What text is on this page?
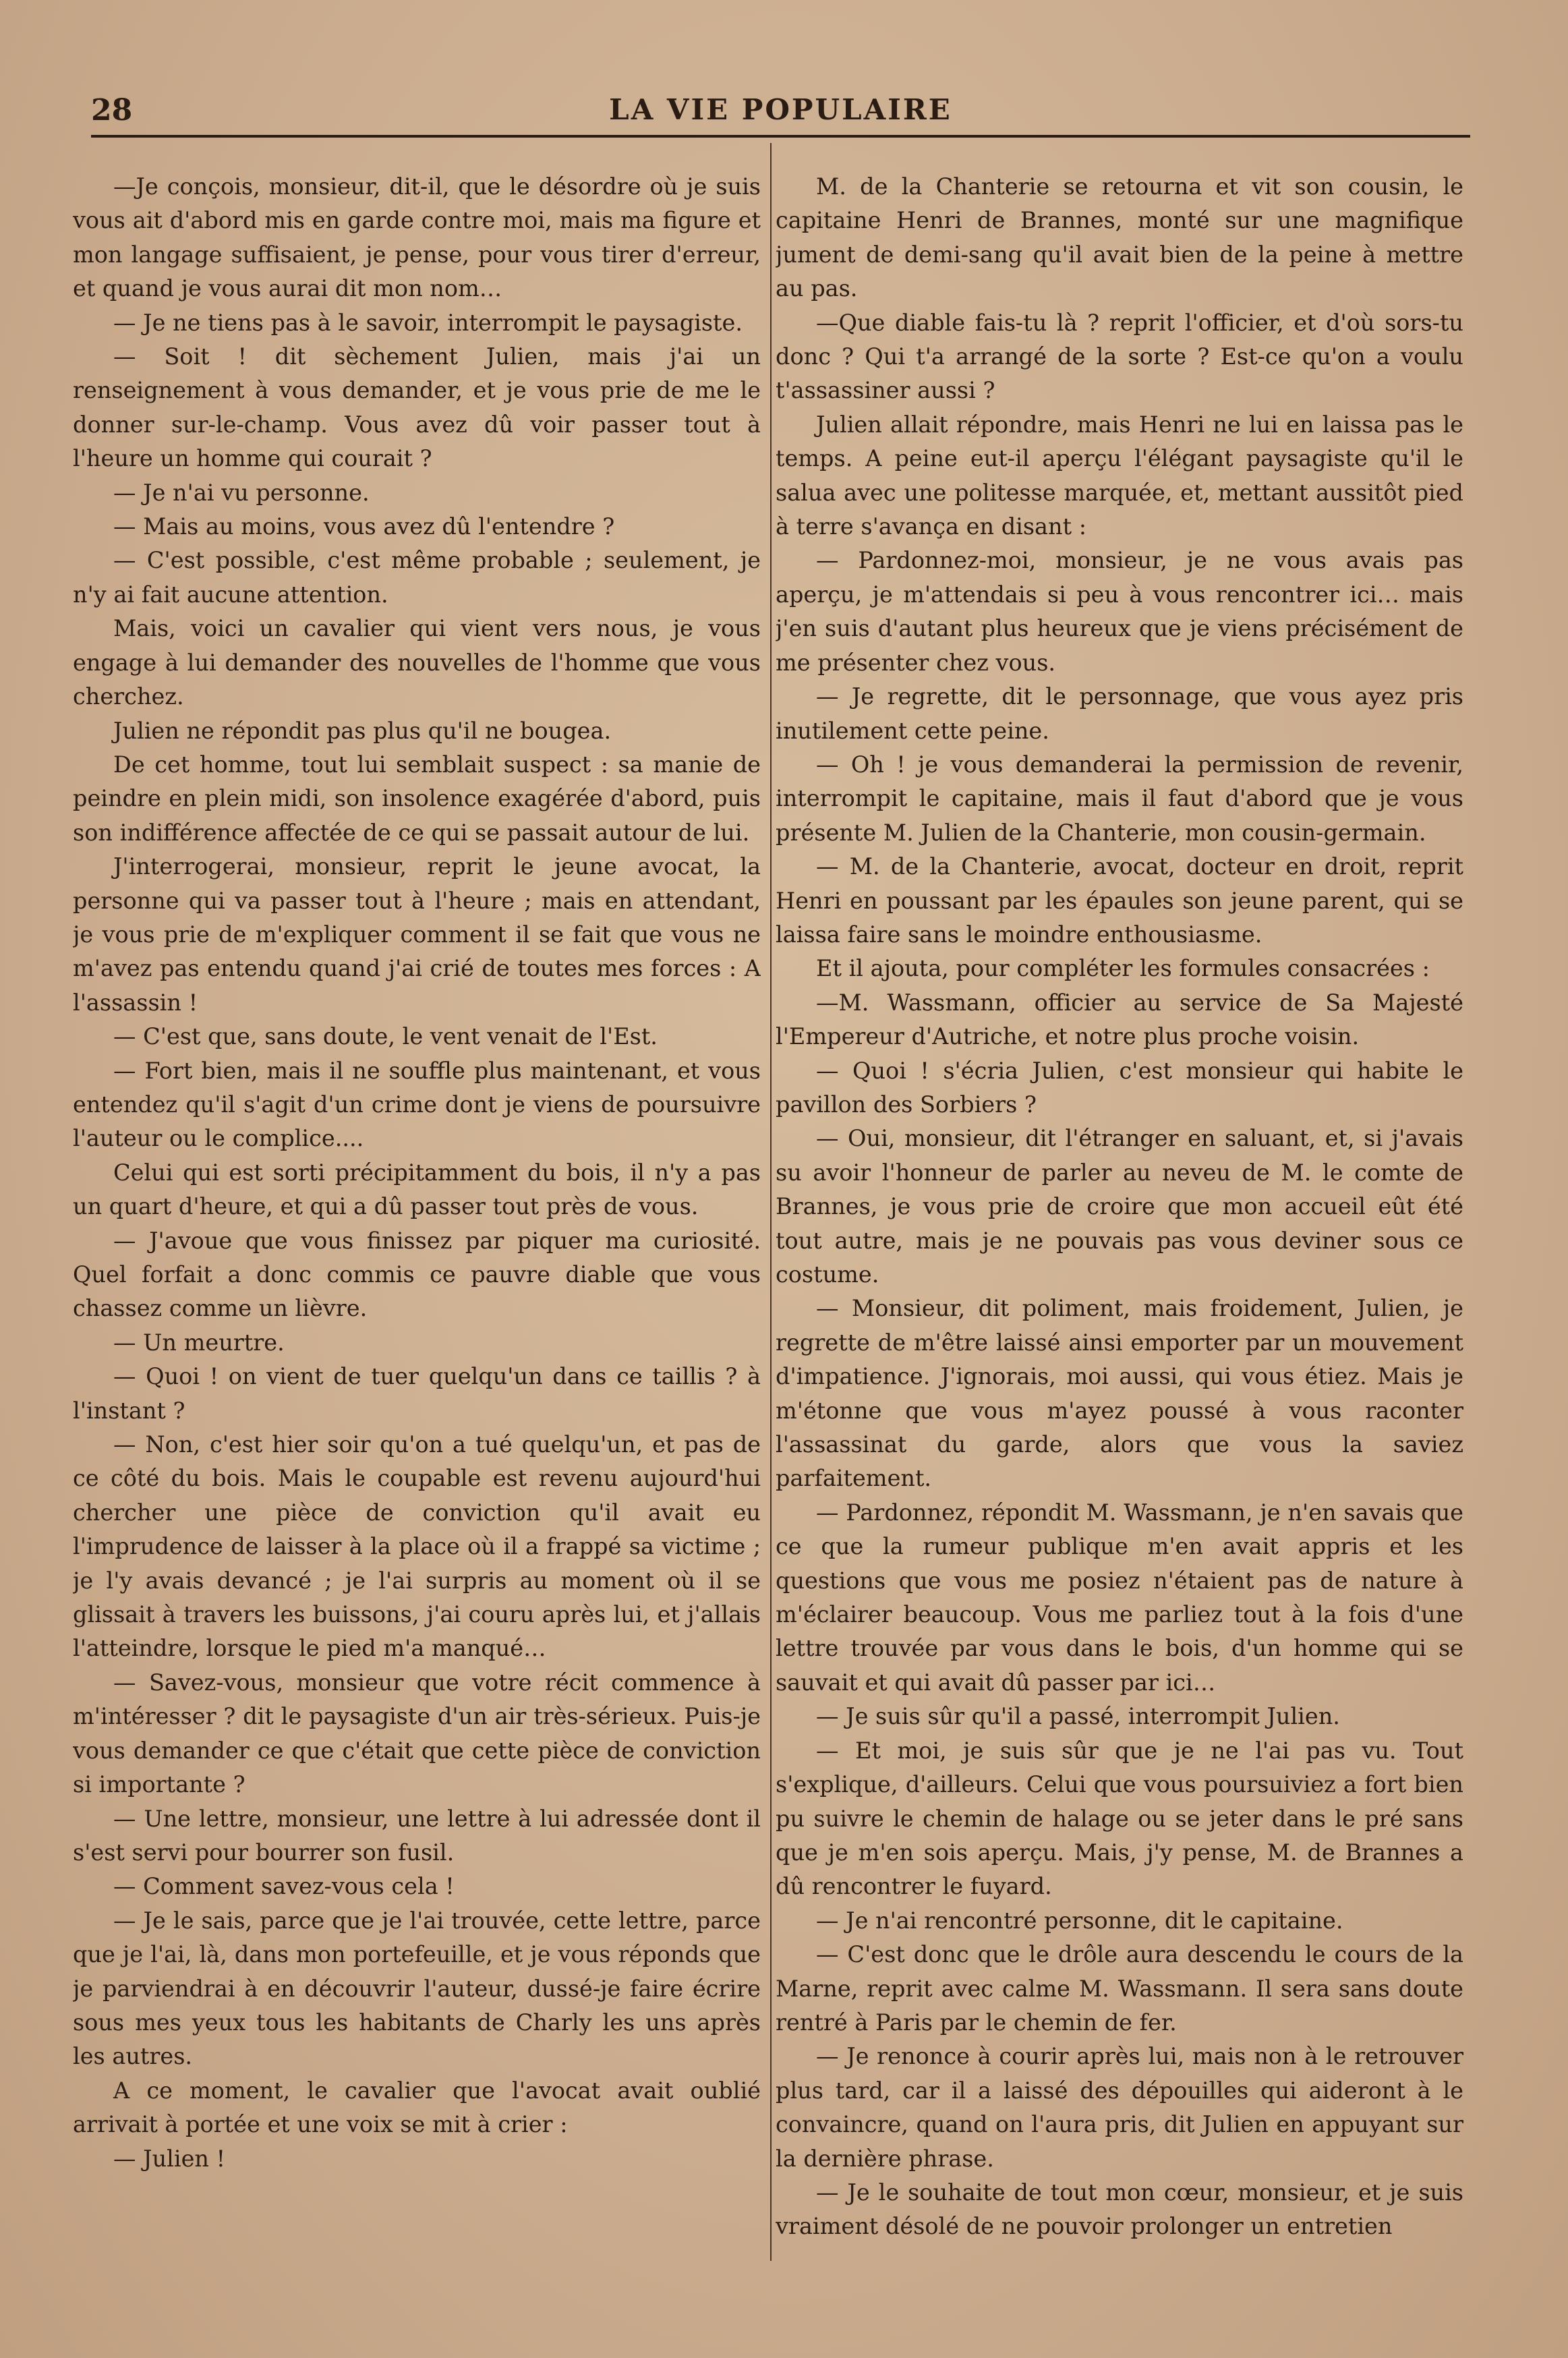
28	LA VIE POPULAIRE

—Je conçois, monsieur, dit-il, que le désordre où je suis vous ait d'abord mis en garde contre moi, mais ma figure et mon langage suffisaient, je pense, pour vous tirer d'erreur, et quand je vous aurai dit mon nom…

— Je ne tiens pas à le savoir, interrompit le paysagiste.

— Soit ! dit sèchement Julien, mais j'ai un renseignement à vous demander, et je vous prie de me le donner sur-le-champ. Vous avez dû voir passer tout à l'heure un homme qui courait ?

— Je n'ai vu personne.

— Mais au moins, vous avez dû l'entendre ?

— C'est possible, c'est même probable ; seulement, je n'y ai fait aucune attention.

Mais, voici un cavalier qui vient vers nous, je vous engage à lui demander des nouvelles de l'homme que vous cherchez.

Julien ne répondit pas plus qu'il ne bougea.

De cet homme, tout lui semblait suspect : sa manie de peindre en plein midi, son insolence exagérée d'abord, puis son indifférence affectée de ce qui se passait autour de lui.

J'interrogerai, monsieur, reprit le jeune avocat, la personne qui va passer tout à l'heure ; mais en attendant, je vous prie de m'expliquer comment il se fait que vous ne m'avez pas entendu quand j'ai crié de toutes mes forces : A l'assassin !

— C'est que, sans doute, le vent venait de l'Est.

— Fort bien, mais il ne souffle plus maintenant, et vous entendez qu'il s'agit d'un crime dont je viens de poursuivre l'auteur ou le complice....

Celui qui est sorti précipitamment du bois, il n'y a pas un quart d'heure, et qui a dû passer tout près de vous.

— J'avoue que vous finissez par piquer ma curiosité. Quel forfait a donc commis ce pauvre diable que vous chassez comme un lièvre.

— Un meurtre.

— Quoi ! on vient de tuer quelqu'un dans ce taillis ? à l'instant ?

— Non, c'est hier soir qu'on a tué quelqu'un, et pas de ce côté du bois. Mais le coupable est revenu aujourd'hui chercher une pièce de conviction qu'il avait eu l'imprudence de laisser à la place où il a frappé sa victime ; je l'y avais devancé ; je l'ai surpris au moment où il se glissait à travers les buissons, j'ai couru après lui, et j'allais l'atteindre, lorsque le pied m'a manqué…

— Savez-vous, monsieur que votre récit commence à m'intéresser ? dit le paysagiste d'un air très-sérieux. Puis-je vous demander ce que c'était que cette pièce de conviction si importante ?

— Une lettre, monsieur, une lettre à lui adressée dont il s'est servi pour bourrer son fusil.

— Comment savez-vous cela !

— Je le sais, parce que je l'ai trouvée, cette lettre, parce que je l'ai, là, dans mon portefeuille, et je vous réponds que je parviendrai à en découvrir l'auteur, dussé-je faire écrire sous mes yeux tous les habitants de Charly les uns après les autres.

A ce moment, le cavalier que l'avocat avait oublié arrivait à portée et une voix se mit à crier :

— Julien !

M. de la Chanterie se retourna et vit son cousin, le capitaine Henri de Brannes, monté sur une magnifique jument de demi-sang qu'il avait bien de la peine à mettre au pas.

—Que diable fais-tu là ? reprit l'officier, et d'où sors-tu donc ? Qui t'a arrangé de la sorte ? Est-ce qu'on a voulu t'assassiner aussi ?

Julien allait répondre, mais Henri ne lui en laissa pas le temps. A peine eut-il aperçu l'élégant paysagiste qu'il le salua avec une politesse marquée, et, mettant aussitôt pied à terre s'avança en disant :

— Pardonnez-moi, monsieur, je ne vous avais pas aperçu, je m'attendais si peu à vous rencontrer ici… mais j'en suis d'autant plus heureux que je viens précisément de me présenter chez vous.

— Je regrette, dit le personnage, que vous ayez pris inutilement cette peine.

— Oh ! je vous demanderai la permission de revenir, interrompit le capitaine, mais il faut d'abord que je vous présente M. Julien de la Chanterie, mon cousin-germain.

— M. de la Chanterie, avocat, docteur en droit, reprit Henri en poussant par les épaules son jeune parent, qui se laissa faire sans le moindre enthousiasme.

Et il ajouta, pour compléter les formules consacrées :

—M. Wassmann, officier au service de Sa Majesté l'Empereur d'Autriche, et notre plus proche voisin.

— Quoi ! s'écria Julien, c'est monsieur qui habite le pavillon des Sorbiers ?

— Oui, monsieur, dit l'étranger en saluant, et, si j'avais su avoir l'honneur de parler au neveu de M. le comte de Brannes, je vous prie de croire que mon accueil eût été tout autre, mais je ne pouvais pas vous deviner sous ce costume.

— Monsieur, dit poliment, mais froidement, Julien, je regrette de m'être laissé ainsi emporter par un mouvement d'impatience. J'ignorais, moi aussi, qui vous étiez. Mais je m'étonne que vous m'ayez poussé à vous raconter l'assassinat du garde, alors que vous la saviez parfaitement.

— Pardonnez, répondit M. Wassmann, je n'en savais que ce que la rumeur publique m'en avait appris et les questions que vous me posiez n'étaient pas de nature à m'éclairer beaucoup. Vous me parliez tout à la fois d'une lettre trouvée par vous dans le bois, d'un homme qui se sauvait et qui avait dû passer par ici…

— Je suis sûr qu'il a passé, interrompit Julien.

— Et moi, je suis sûr que je ne l'ai pas vu. Tout s'explique, d'ailleurs. Celui que vous poursuiviez a fort bien pu suivre le chemin de halage ou se jeter dans le pré sans que je m'en sois aperçu. Mais, j'y pense, M. de Brannes a dû rencontrer le fuyard.

— Je n'ai rencontré personne, dit le capitaine.

— C'est donc que le drôle aura descendu le cours de la Marne, reprit avec calme M. Wassmann. Il sera sans doute rentré à Paris par le chemin de fer.

— Je renonce à courir après lui, mais non à le retrouver plus tard, car il a laissé des dépouilles qui aideront à le convaincre, quand on l'aura pris, dit Julien en appuyant sur la dernière phrase.

— Je le souhaite de tout mon cœur, monsieur, et je suis vraiment désolé de ne pouvoir prolonger un entretien
